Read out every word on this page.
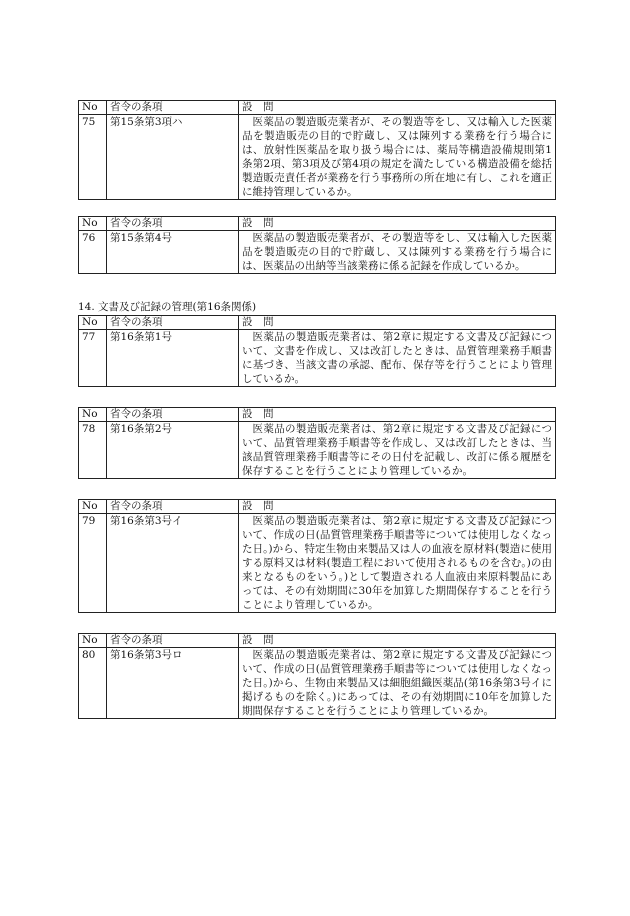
No	省令の条項	設　問
75	第15条第3項ハ	医薬品の製造販売業者が、その製造等をし、又は輸入した医薬品を製造販売の目的で貯蔵し、又は陳列する業務を行う場合には、放射性医薬品を取り扱う場合には、薬局等構造設備規則第1条第2項、第3項及び第4項の規定を満たしている構造設備を総括製造販売責任者が業務を行う事務所の所在地に有し、これを適正に維持管理しているか。
No	省令の条項	設　問
76	第15条第4号	医薬品の製造販売業者が、その製造等をし、又は輸入した医薬品を製造販売の目的で貯蔵し、又は陳列する業務を行う場合には、医薬品の出納等当該業務に係る記録を作成しているか。
14. 文書及び記録の管理(第16条関係)
No	省令の条項	設　問
77	第16条第1号	医薬品の製造販売業者は、第2章に規定する文書及び記録について、文書を作成し、又は改訂したときは、品質管理業務手順書に基づき、当該文書の承認、配布、保存等を行うことにより管理しているか。
No	省令の条項	設　問
78	第16条第2号	医薬品の製造販売業者は、第2章に規定する文書及び記録について、品質管理業務手順書等を作成し、又は改訂したときは、当該品質管理業務手順書等にその日付を記載し、改訂に係る履歴を保存することを行うことにより管理しているか。
No	省令の条項	設　問
79	第16条第3号イ	医薬品の製造販売業者は、第2章に規定する文書及び記録について、作成の日(品質管理業務手順書等については使用しなくなった日。)から、特定生物由来製品又は人の血液を原材料(製造に使用する原料又は材料(製造工程において使用されるものを含む。)の由来となるものをいう。)として製造される人血液由来原料製品にあっては、その有効期間に30年を加算した期間保存することを行うことにより管理しているか。
No	省令の条項	設　問
80	第16条第3号ロ	医薬品の製造販売業者は、第2章に規定する文書及び記録について、作成の日(品質管理業務手順書等については使用しなくなった日。)から、生物由来製品又は細胞組織医薬品(第16条第3号イに掲げるものを除く。)にあっては、その有効期間に10年を加算した期間保存することを行うことにより管理しているか。
